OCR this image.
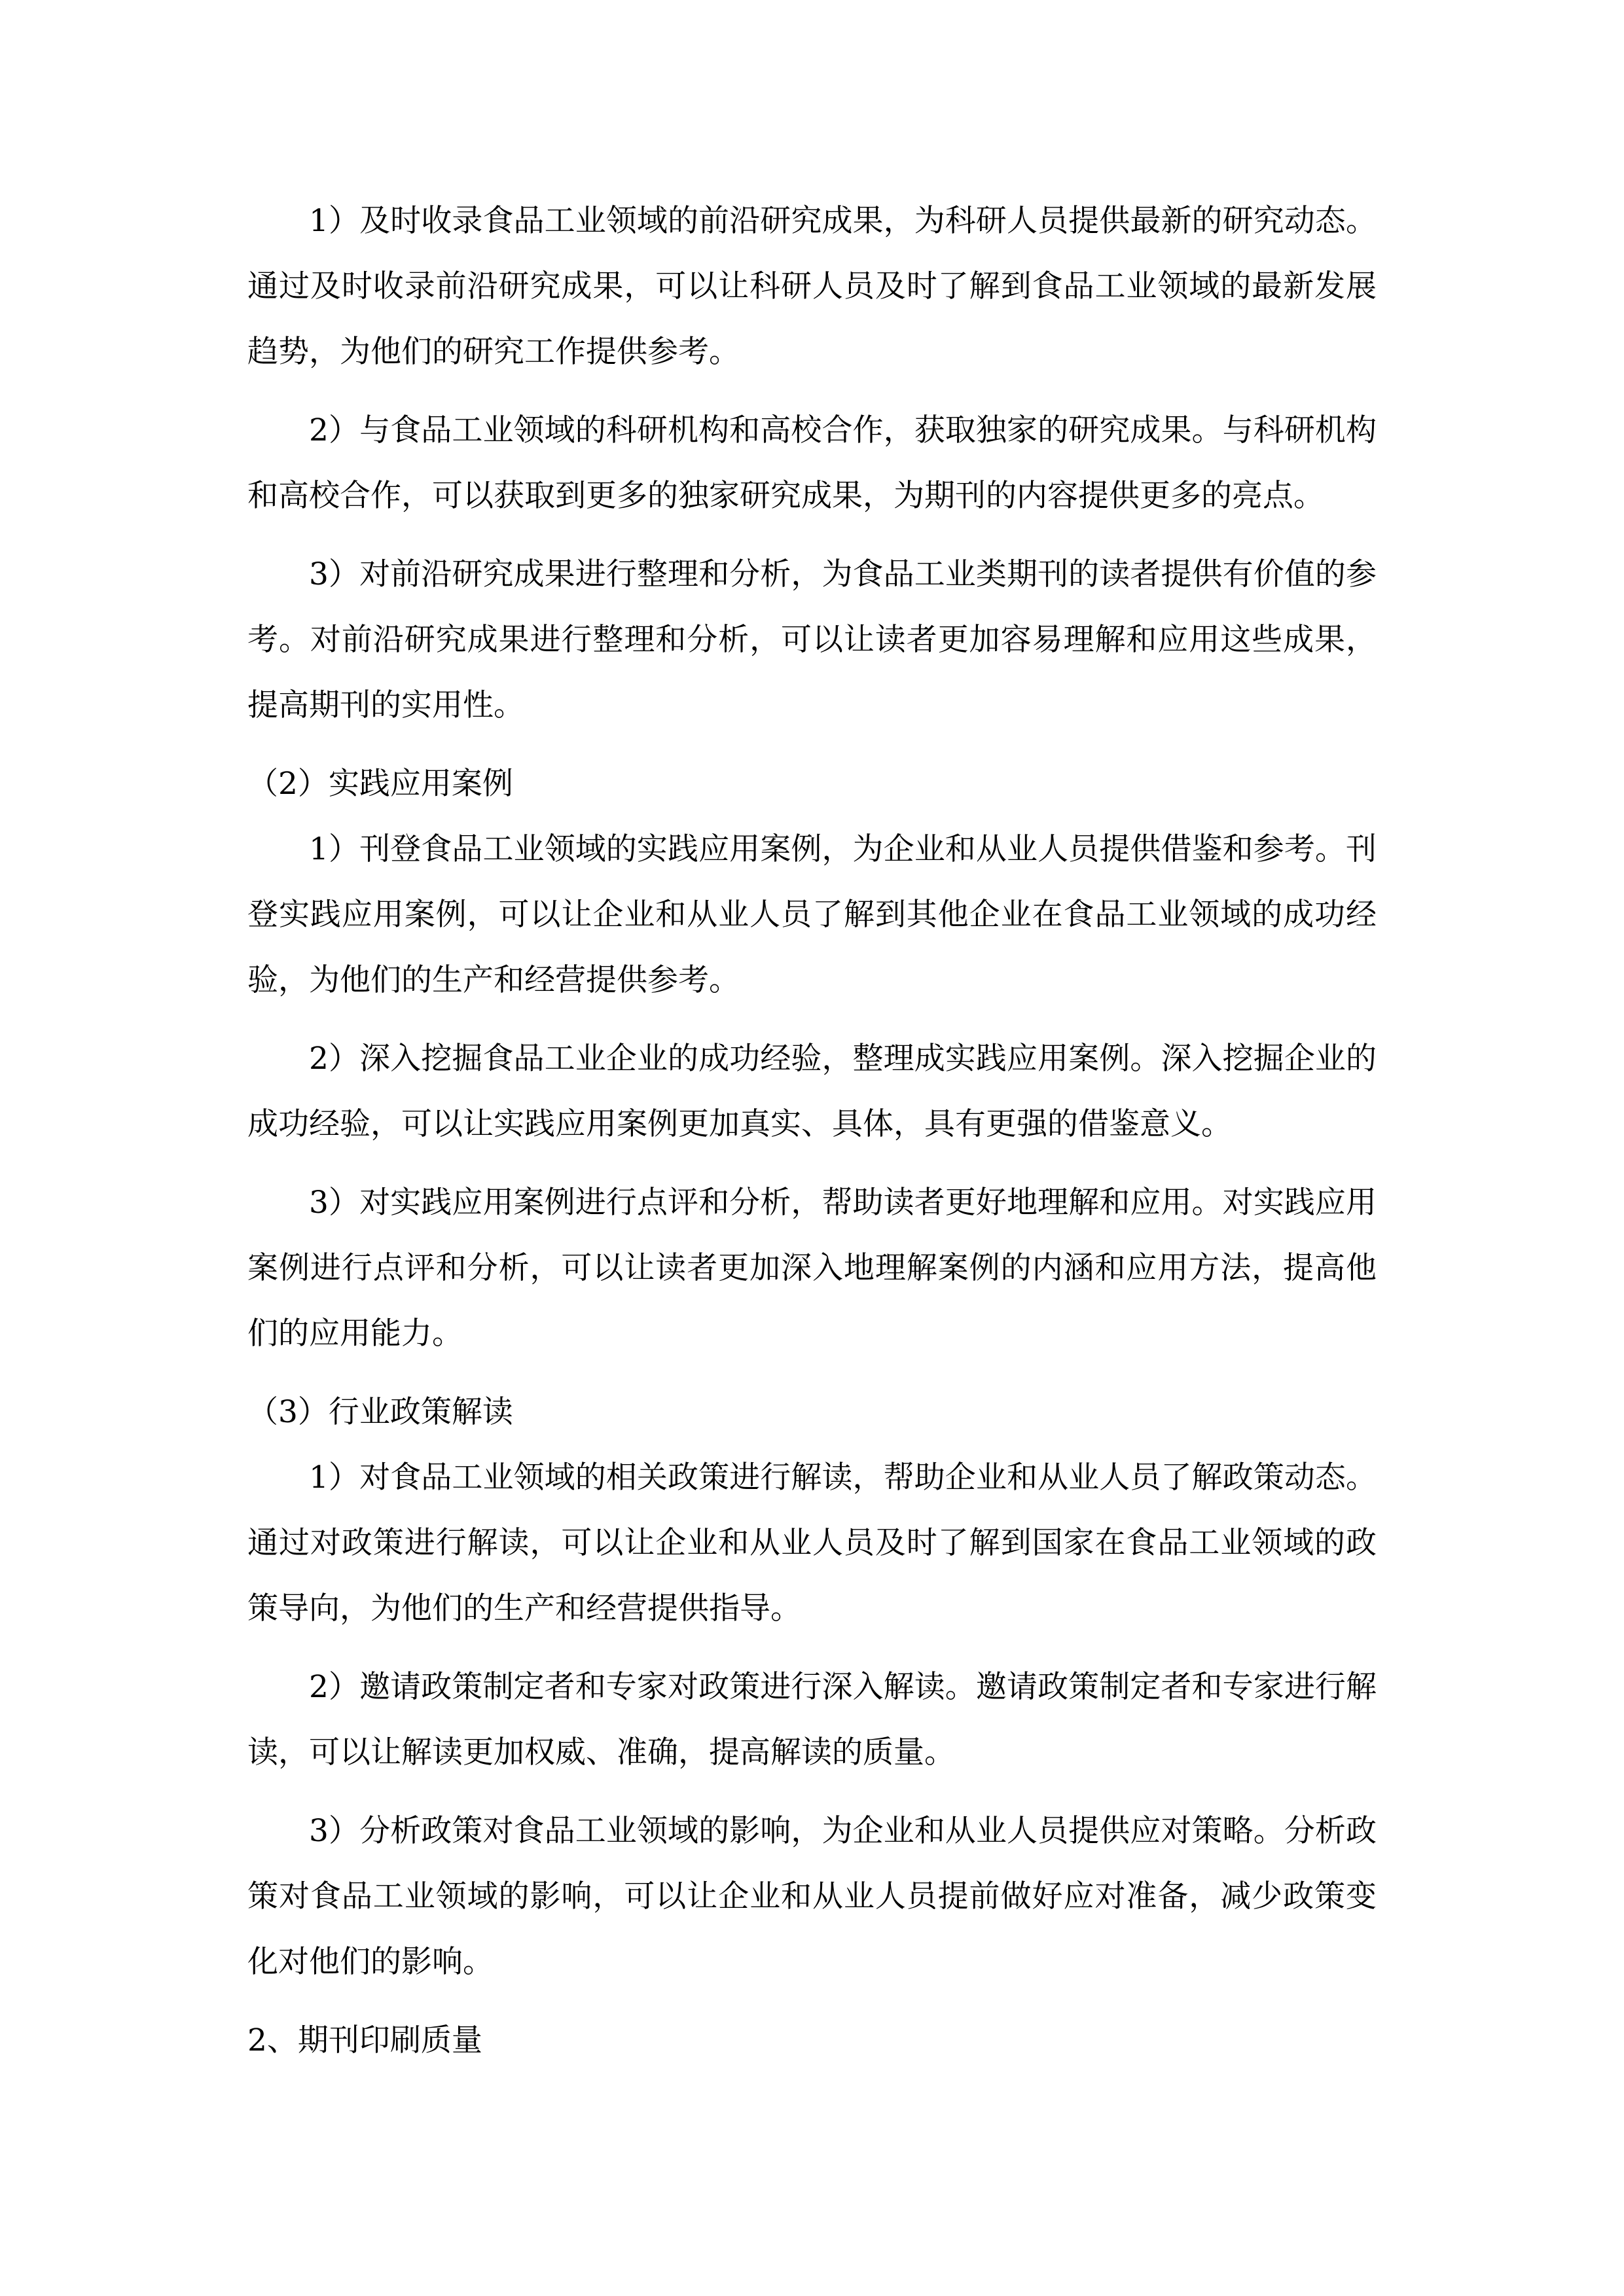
1）及时收录食品工业领域的前沿研究成果，为科研人员提供最新的研究动态。通过及时收录前沿研究成果，可以让科研人员及时了解到食品工业领域的最新发展趋势，为他们的研究工作提供参考。

2）与食品工业领域的科研机构和高校合作，获取独家的研究成果。与科研机构和高校合作，可以获取到更多的独家研究成果，为期刊的内容提供更多的亮点。

3）对前沿研究成果进行整理和分析，为食品工业类期刊的读者提供有价值的参考。对前沿研究成果进行整理和分析，可以让读者更加容易理解和应用这些成果，提高期刊的实用性。

（2）实践应用案例

1）刊登食品工业领域的实践应用案例，为企业和从业人员提供借鉴和参考。刊登实践应用案例，可以让企业和从业人员了解到其他企业在食品工业领域的成功经验，为他们的生产和经营提供参考。

2）深入挖掘食品工业企业的成功经验，整理成实践应用案例。深入挖掘企业的成功经验，可以让实践应用案例更加真实、具体，具有更强的借鉴意义。

3）对实践应用案例进行点评和分析，帮助读者更好地理解和应用。对实践应用案例进行点评和分析，可以让读者更加深入地理解案例的内涵和应用方法，提高他们的应用能力。

（3）行业政策解读

1）对食品工业领域的相关政策进行解读，帮助企业和从业人员了解政策动态。通过对政策进行解读，可以让企业和从业人员及时了解到国家在食品工业领域的政策导向，为他们的生产和经营提供指导。

2）邀请政策制定者和专家对政策进行深入解读。邀请政策制定者和专家进行解读，可以让解读更加权威、准确，提高解读的质量。

3）分析政策对食品工业领域的影响，为企业和从业人员提供应对策略。分析政策对食品工业领域的影响，可以让企业和从业人员提前做好应对准备，减少政策变化对他们的影响。

2、期刊印刷质量
